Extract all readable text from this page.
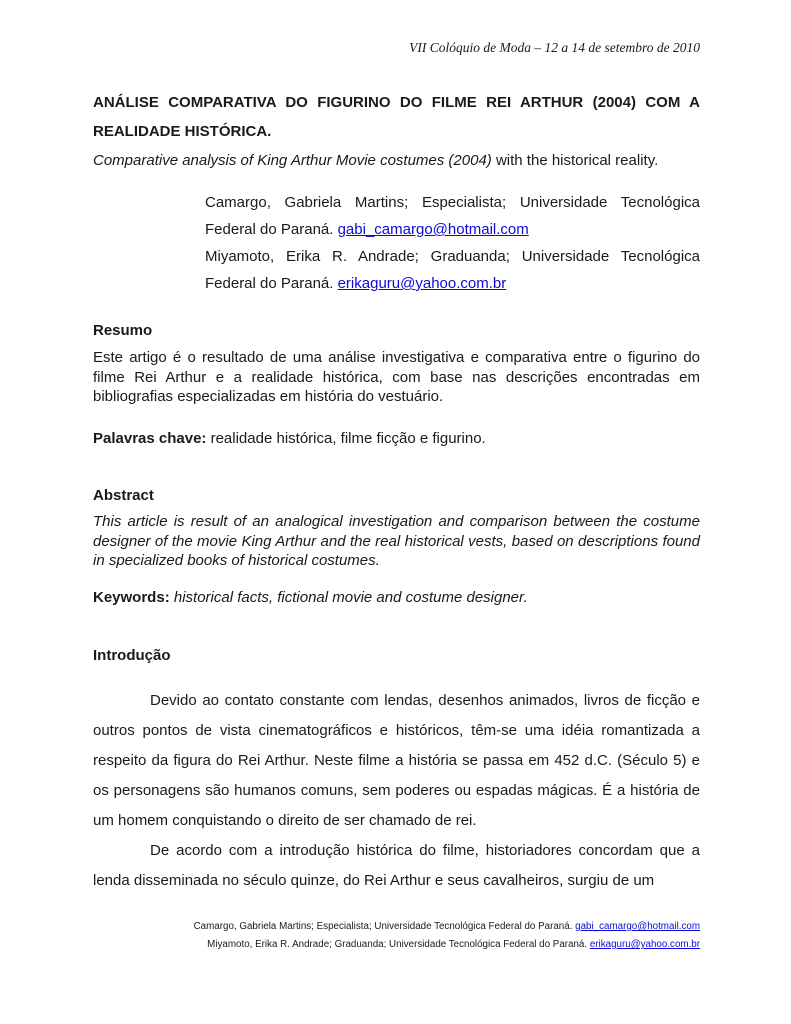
VII Colóquio de Moda – 12 a 14 de setembro de 2010
ANÁLISE COMPARATIVA DO FIGURINO DO FILME REI ARTHUR (2004) COM A
REALIDADE HISTÓRICA.
Comparative analysis of King Arthur Movie costumes (2004) with the historical reality.

Camargo, Gabriela Martins; Especialista; Universidade Tecnológica
Federal do Paraná. gabi_camargo@hotmail.com

Miyamoto, Erika R. Andrade; Graduanda; Universidade Tecnológica
Federal do Paraná. erikaguru@yahoo.com.br

Resumo

Este artigo é o resultado de uma análise investigativa e comparativa entre o figurino do filme Rei Arthur e a realidade histórica, com base nas descrições encontradas em bibliografias especializadas em história do vestuário.

Palavras chave: realidade histórica, filme ficção e figurino.

Abstract

This article is result of an analogical investigation and comparison between the costume designer of the movie King Arthur and the real historical vests, based on descriptions found in specialized books of historical costumes.

Keywords: historical facts, fictional movie and costume designer.

Introdução

Devido ao contato constante com lendas, desenhos animados, livros de ficção e outros pontos de vista cinematográficos e históricos, têm-se uma idéia romantizada a respeito da figura do Rei Arthur. Neste filme a história se passa em 452 d.C. (Século 5) e os personagens são humanos comuns, sem poderes ou espadas mágicas. É a história de um homem conquistando o direito de ser chamado de rei.

De acordo com a introdução histórica do filme, historiadores concordam que a lenda disseminada no século quinze, do Rei Arthur e seus cavalheiros, surgiu de um

Camargo, Gabriela Martins; Especialista; Universidade Tecnológica Federal do Paraná. gabi_camargo@hotmail.com

Miyamoto, Erika R. Andrade; Graduanda; Universidade Tecnológica Federal do Paraná. erikaguru@yahoo.com.br
